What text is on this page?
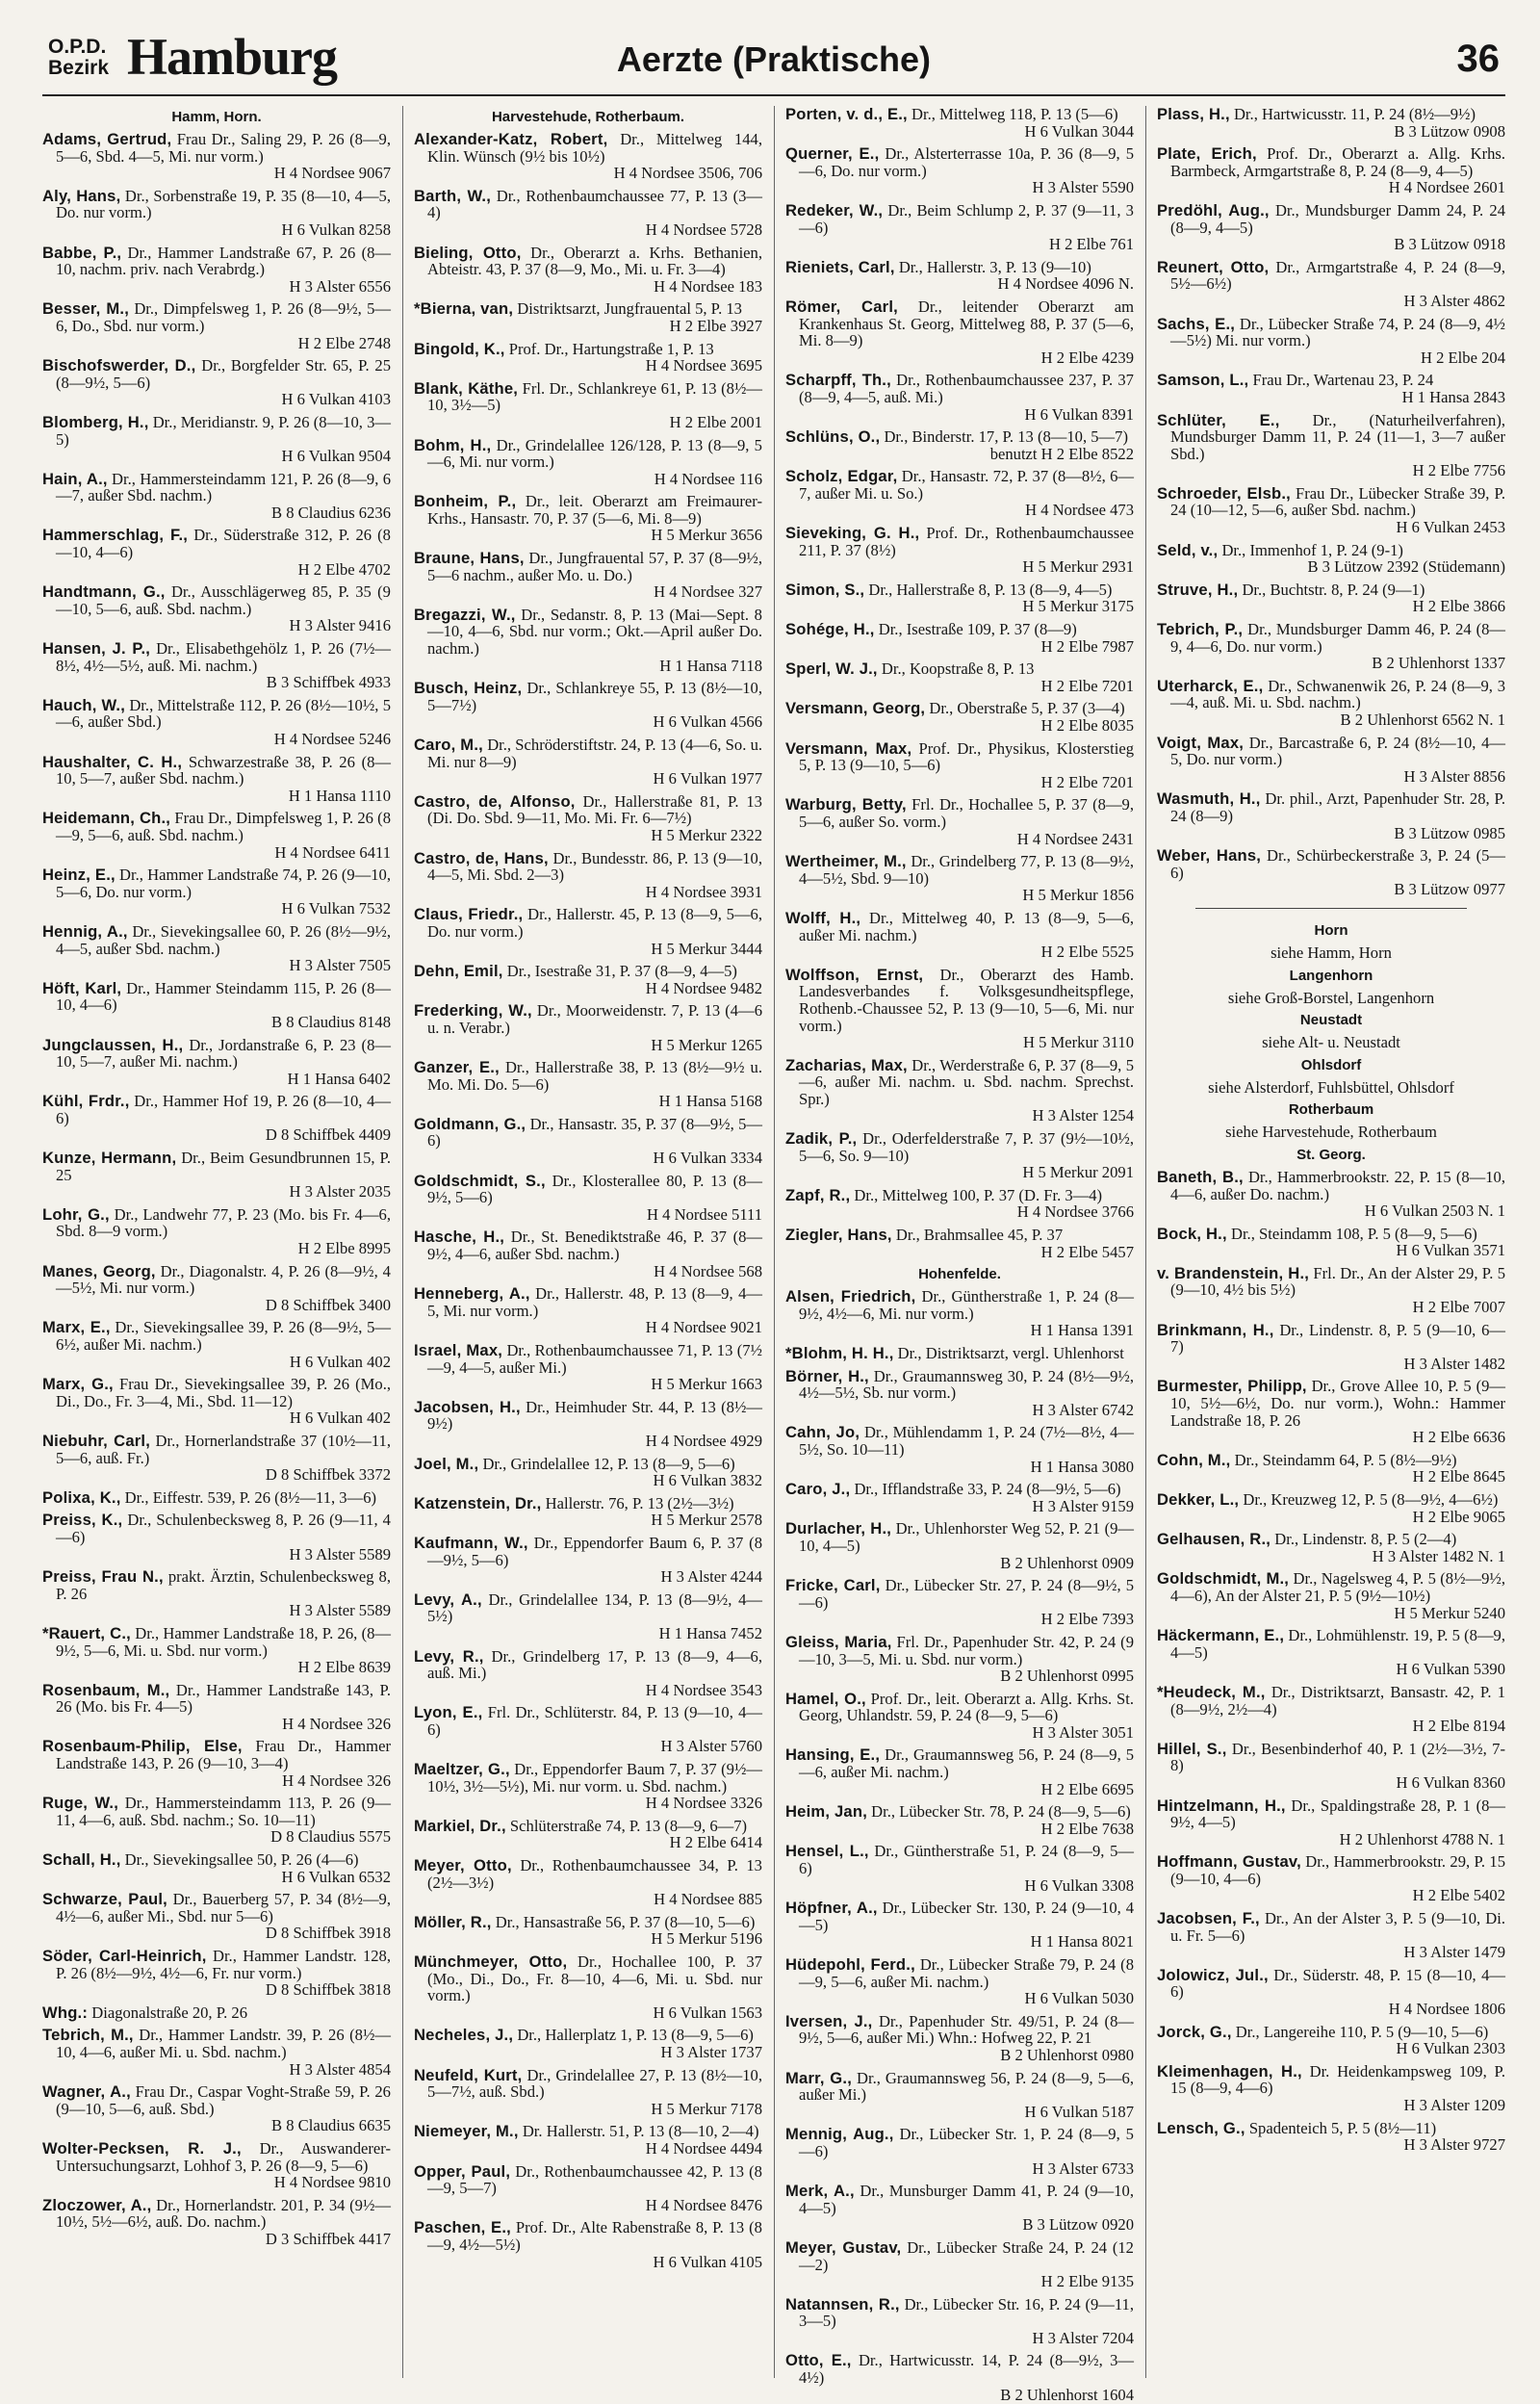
O.P.D. Bezirk Hamburg	Aerzte (Praktische)	36
Hamm, Horn.
Adams, Gertrud, Frau Dr., Saling 29, P. 26 (8—9, 5—6, Sbd. 4—5, Mi. nur vorm.)
H 4 Nordsee 9067
Aly, Hans, Dr., Sorbenstraße 19, P. 35 (8—10, 4—5, Do. nur vorm.)
H 6 Vulkan 8258
Babbe, P., Dr., Hammer Landstraße 67, P. 26 (8—10, nachm. priv. nach Verabrdg.)
H 3 Alster 6556
Besser, M., Dr., Dimpfelsweg 1, P. 26 (8—9½, 5—6, Do., Sbd. nur vorm.)
H 2 Elbe 2748
Bischofswerder, D., Dr., Borgfelder Str. 65, P. 25 (8—9½, 5—6)
H 6 Vulkan 4103
Blomberg, H., Dr., Meridianstr. 9, P. 26 (8—10, 3—5)
H 6 Vulkan 9504
Hain, A., Dr., Hammersteindamm 121, P. 26 (8—9, 6—7, außer Sbd. nachm.)
B 8 Claudius 6236
Hammerschlag, F., Dr., Süderstraße 312, P. 26 (8—10, 4—6)
H 2 Elbe 4702
Handtmann, G., Dr., Ausschlägerweg 85, P. 35 (9—10, 5—6, auß. Sbd. nachm.)
H 3 Alster 9416
Hansen, J. P., Dr., Elisabethgehölz 1, P. 26 (7½—8½, 4½—5½, auß. Mi. nachm.)
B 3 Schiffbek 4933
Hauch, W., Dr., Mittelstraße 112, P. 26 (8½—10½, 5—6, außer Sbd.)
H 4 Nordsee 5246
Haushalter, C. H., Schwarzestraße 38, P. 26 (8—10, 5—7, außer Sbd. nachm.)
H 1 Hansa 1110
Heidemann, Ch., Frau Dr., Dimpfelsweg 1, P. 26 (8—9, 5—6, auß. Sbd. nachm.)
H 4 Nordsee 6411
Heinz, E., Dr., Hammer Landstraße 74, P. 26 (9—10, 5—6, Do. nur vorm.)
H 6 Vulkan 7532
Hennig, A., Dr., Sievekingsallee 60, P. 26 (8½—9½, 4—5, außer Sbd. nachm.)
H 3 Alster 7505
Höft, Karl, Dr., Hammer Steindamm 115, P. 26 (8—10, 4—6)
B 8 Claudius 8148
Jungclaussen, H., Dr., Jordanstraße 6, P. 23 (8—10, 5—7, außer Mi. nachm.)
H 1 Hansa 6402
Kühl, Frdr., Dr., Hammer Hof 19, P. 26 (8—10, 4—6)
D 8 Schiffbek 4409
Kunze, Hermann, Dr., Beim Gesundbrunnen 15, P. 25
H 3 Alster 2035
Lohr, G., Dr., Landwehr 77, P. 23 (Mo. bis Fr. 4—6, Sbd. 8—9 vorm.)
H 2 Elbe 8995
Manes, Georg, Dr., Diagonalstr. 4, P. 26 (8—9½, 4—5½, Mi. nur vorm.)
D 8 Schiffbek 3400
Marx, E., Dr., Sievekingsallee 39, P. 26 (8—9½, 5—6½, außer Mi. nachm.)
H 6 Vulkan 402
Marx, G., Frau Dr., Sievekingsallee 39, P. 26 (Mo., Di., Do., Fr. 3—4, Mi., Sbd. 11—12)
H 6 Vulkan 402
Niebuhr, Carl, Dr., Hornerlandstraße 37 (10½—11, 5—6, auß. Fr.)
D 8 Schiffbek 3372
Polixa, K., Dr., Eiffestr. 539, P. 26 (8½—11, 3—6)
Preiss, K., Dr., Schulenbecksweg 8, P. 26 (9—11, 4—6)
H 3 Alster 5589
Preiss, Frau N., prakt. Ärztin, Schulenbecksweg 8, P. 26
H 3 Alster 5589
*Rauert, C., Dr., Hammer Landstraße 18, P. 26, (8—9½, 5—6, Mi. u. Sbd. nur vorm.)
H 2 Elbe 8639
Rosenbaum, M., Dr., Hammer Landstraße 143, P. 26 (Mo. bis Fr. 4—5)
H 4 Nordsee 326
Rosenbaum-Philip, Else, Frau Dr., Hammer Landstraße 143, P. 26 (9—10, 3—4)
H 4 Nordsee 326
Ruge, W., Dr., Hammersteindamm 113, P. 26 (9—11, 4—6, auß. Sbd. nachm.; So. 10—11)
D 8 Claudius 5575
Schall, H., Dr., Sievekingsallee 50, P. 26 (4—6)
H 6 Vulkan 6532
Schwarze, Paul, Dr., Bauerberg 57, P. 34 (8½—9, 4½—6, außer Mi., Sbd. nur 5—6)
D 8 Schiffbek 3918
Söder, Carl-Heinrich, Dr., Hammer Landstr. 128, P. 26 (8½—9½, 4½—6, Fr. nur vorm.)
D 8 Schiffbek 3818
Whg.: Diagonalstraße 20, P. 26
Tebrich, M., Dr., Hammer Landstr. 39, P. 26 (8½—10, 4—6, außer Mi. u. Sbd. nachm.)
H 3 Alster 4854
Wagner, A., Frau Dr., Caspar Voght-Straße 59, P. 26 (9—10, 5—6, auß. Sbd.)
B 8 Claudius 6635
Wolter-Pecksen, R. J., Dr., Auswanderer-Untersuchungsarzt, Lohhof 3, P. 26 (8—9, 5—6)
H 4 Nordsee 9810
Zloczower, A., Dr., Hornerlandstr. 201, P. 34 (9½—10½, 5½—6½, auß. Do. nachm.)
D 3 Schiffbek 4417
Harvestehude, Rotherbaum.
Alexander-Katz, Robert, Dr., Mittelweg 144, Klin. Wünsch (9½ bis 10½)
H 4 Nordsee 3506, 706
Barth, W., Dr., Rothenbaumchaussee 77, P. 13 (3—4)
H 4 Nordsee 5728
Bieling, Otto, Dr., Oberarzt a. Krhs. Bethanien, Abteistr. 43, P. 37 (8—9, Mo., Mi. u. Fr. 3—4)
H 4 Nordsee 183
*Bierna, van, Distriktsarzt, Jungfrauental 5, P. 13
H 2 Elbe 3927
Bingold, K., Prof. Dr., Hartungstraße 1, P. 13
H 4 Nordsee 3695
Blank, Käthe, Frl. Dr., Schlankreye 61, P. 13 (8½—10, 3½—5)
H 2 Elbe 2001
Bohm, H., Dr., Grindelallee 126/128, P. 13 (8—9, 5—6, Mi. nur vorm.)
H 4 Nordsee 116
Bonheim, P., Dr., leit. Oberarzt am Freimaurer-Krhs., Hansastr. 70, P. 37 (5—6, Mi. 8—9)
H 5 Merkur 3656
Braune, Hans, Dr., Jungfrauental 57, P. 37 (8—9½, 5—6 nachm., außer Mo. u. Do.)
H 4 Nordsee 327
Bregazzi, W., Dr., Sedanstr. 8, P. 13 (Mai—Sept. 8—10, 4—6, Sbd. nur vorm.; Okt.—April außer Do. nachm.)
H 1 Hansa 7118
Busch, Heinz, Dr., Schlankreye 55, P. 13 (8½—10, 5—7½)
H 6 Vulkan 4566
Caro, M., Dr., Schröderstiftstr. 24, P. 13 (4—6, So. u. Mi. nur 8—9)
H 6 Vulkan 1977
Castro, de, Alfonso, Dr., Hallerstraße 81, P. 13 (Di. Do. Sbd. 9—11, Mo. Mi. Fr. 6—7½)
H 5 Merkur 2322
Castro, de, Hans, Dr., Bundesstr. 86, P. 13 (9—10, 4—5, Mi. Sbd. 2—3)
H 4 Nordsee 3931
Claus, Friedr., Dr., Hallerstr. 45, P. 13 (8—9, 5—6, Do. nur vorm.)
H 5 Merkur 3444
Dehn, Emil, Dr., Isestraße 31, P. 37 (8—9, 4—5)
H 4 Nordsee 9482
Frederking, W., Dr., Moorweidenstr. 7, P. 13 (4—6 u. n. Verabr.)
H 5 Merkur 1265
Ganzer, E., Dr., Hallerstraße 38, P. 13 (8½—9½ u. Mo. Mi. Do. 5—6)
H 1 Hansa 5168
Goldmann, G., Dr., Hansastr. 35, P. 37 (8—9½, 5—6)
H 6 Vulkan 3334
Goldschmidt, S., Dr., Klosterallee 80, P. 13 (8—9½, 5—6)
H 4 Nordsee 5111
Hasche, H., Dr., St. Benediktstraße 46, P. 37 (8—9½, 4—6, außer Sbd. nachm.)
H 4 Nordsee 568
Henneberg, A., Dr., Hallerstr. 48, P. 13 (8—9, 4—5, Mi. nur vorm.)
H 4 Nordsee 9021
Israel, Max, Dr., Rothenbaumchaussee 71, P. 13 (7½—9, 4—5, außer Mi.)
H 5 Merkur 1663
Jacobsen, H., Dr., Heimhuder Str. 44, P. 13 (8½—9½)
H 4 Nordsee 4929
Joel, M., Dr., Grindelallee 12, P. 13 (8—9, 5—6)
H 6 Vulkan 3832
Katzenstein, Dr., Hallerstr. 76, P. 13 (2½—3½)
H 5 Merkur 2578
Kaufmann, W., Dr., Eppendorfer Baum 6, P. 37 (8—9½, 5—6)
H 3 Alster 4244
Levy, A., Dr., Grindelallee 134, P. 13 (8—9½, 4—5½)
H 1 Hansa 7452
Levy, R., Dr., Grindelberg 17, P. 13 (8—9, 4—6, auß. Mi.)
H 4 Nordsee 3543
Lyon, E., Frl. Dr., Schlüterstr. 84, P. 13 (9—10, 4—6)
H 3 Alster 5760
Maeltzer, G., Dr., Eppendorfer Baum 7, P. 37 (9½—10½, 3½—5½), Mi. nur vorm. u. Sbd. nachm.)
H 4 Nordsee 3326
Markiel, Dr., Schlüterstraße 74, P. 13 (8—9, 6—7)
H 2 Elbe 6414
Meyer, Otto, Dr., Rothenbaumchaussee 34, P. 13 (2½—3½)
H 4 Nordsee 885
Möller, R., Dr., Hansastraße 56, P. 37 (8—10, 5—6)
H 5 Merkur 5196
Münchmeyer, Otto, Dr., Hochallee 100, P. 37 (Mo., Di., Do., Fr. 8—10, 4—6, Mi. u. Sbd. nur vorm.)
H 6 Vulkan 1563
Necheles, J., Dr., Hallerplatz 1, P. 13 (8—9, 5—6)
H 3 Alster 1737
Neufeld, Kurt, Dr., Grindelallee 27, P. 13 (8½—10, 5—7½, auß. Sbd.)
H 5 Merkur 7178
Niemeyer, M., Dr. Hallerstr. 51, P. 13 (8—10, 2—4)
H 4 Nordsee 4494
Opper, Paul, Dr., Rothenbaumchaussee 42, P. 13 (8—9, 5—7)
H 4 Nordsee 8476
Paschen, E., Prof. Dr., Alte Rabenstraße 8, P. 13 (8—9, 4½—5½)
H 6 Vulkan 4105
Porten, v. d., E., Dr., Mittelweg 118, P. 13 (5—6)
H 6 Vulkan 3044
Querner, E., Dr., Alsterterrasse 10a, P. 36 (8—9, 5—6, Do. nur vorm.)
H 3 Alster 5590
Redeker, W., Dr., Beim Schlump 2, P. 37 (9—11, 3—6)
H 2 Elbe 761
Rieniets, Carl, Dr., Hallerstr. 3, P. 13 (9—10)
H 4 Nordsee 4096 N.
Römer, Carl, Dr., leitender Oberarzt am Krankenhaus St. Georg, Mittelweg 88, P. 37 (5—6, Mi. 8—9)
H 2 Elbe 4239
Scharpff, Th., Dr., Rothenbaumchaussee 237, P. 37 (8—9, 4—5, auß. Mi.)
H 6 Vulkan 8391
Schlüns, O., Dr., Binderstr. 17, P. 13 (8—10, 5—7)
benutzt H 2 Elbe 8522
Scholz, Edgar, Dr., Hansastr. 72, P. 37 (8—8½, 6—7, außer Mi. u. So.)
H 4 Nordsee 473
Sieveking, G. H., Prof. Dr., Rothenbaumchaussee 211, P. 37 (8½)
H 5 Merkur 2931
Simon, S., Dr., Hallerstraße 8, P. 13 (8—9, 4—5)
H 5 Merkur 3175
Sohége, H., Dr., Isestraße 109, P. 37 (8—9)
H 2 Elbe 7987
Sperl, W. J., Dr., Koopstraße 8, P. 13
H 2 Elbe 7201
Versmann, Georg, Dr., Oberstraße 5, P. 37 (3—4)
H 2 Elbe 8035
Versmann, Max, Prof. Dr., Physikus, Klosterstieg 5, P. 13 (9—10, 5—6)
H 2 Elbe 7201
Warburg, Betty, Frl. Dr., Hochallee 5, P. 37 (8—9, 5—6, außer So. vorm.)
H 4 Nordsee 2431
Wertheimer, M., Dr., Grindelberg 77, P. 13 (8—9½, 4—5½, Sbd. 9—10)
H 5 Merkur 1856
Wolff, H., Dr., Mittelweg 40, P. 13 (8—9, 5—6, außer Mi. nachm.)
H 2 Elbe 5525
Wolffson, Ernst, Dr., Oberarzt des Hamb. Landesverbandes f. Volksgesundheitspflege, Rothenb.-Chaussee 52, P. 13 (9—10, 5—6, Mi. nur vorm.)
H 5 Merkur 3110
Zacharias, Max, Dr., Werderstraße 6, P. 37 (8—9, 5—6, außer Mi. nachm. u. Sbd. nachm. Sprechst. Spr.)
H 3 Alster 1254
Zadik, P., Dr., Oderfelderstraße 7, P. 37 (9½—10½, 5—6, So. 9—10)
H 5 Merkur 2091
Zapf, R., Dr., Mittelweg 100, P. 37 (D. Fr. 3—4)
H 4 Nordsee 3766
Ziegler, Hans, Dr., Brahmsallee 45, P. 37
H 2 Elbe 5457
Hohenfelde.
Alsen, Friedrich, Dr., Güntherstraße 1, P. 24 (8—9½, 4½—6, Mi. nur vorm.)
H 1 Hansa 1391
*Blohm, H. H., Dr., Distriktsarzt, vergl. Uhlenhorst
Börner, H., Dr., Graumannsweg 30, P. 24 (8½—9½, 4½—5½, Sb. nur vorm.)
H 3 Alster 6742
Cahn, Jo, Dr., Mühlendamm 1, P. 24 (7½—8½, 4—5½, So. 10—11)
H 1 Hansa 3080
Caro, J., Dr., Ifflandstraße 33, P. 24 (8—9½, 5—6)
H 3 Alster 9159
Durlacher, H., Dr., Uhlenhorster Weg 52, P. 21 (9—10, 4—5)
B 2 Uhlenhorst 0909
Fricke, Carl, Dr., Lübecker Str. 27, P. 24 (8—9½, 5—6)
H 2 Elbe 7393
Gleiss, Maria, Frl. Dr., Papenhuder Str. 42, P. 24 (9—10, 3—5, Mi. u. Sbd. nur vorm.)
B 2 Uhlenhorst 0995
Hamel, O., Prof. Dr., leit. Oberarzt a. Allg. Krhs. St. Georg, Uhlandstr. 59, P. 24 (8—9, 5—6)
H 3 Alster 3051
Hansing, E., Dr., Graumannsweg 56, P. 24 (8—9, 5—6, außer Mi. nachm.)
H 2 Elbe 6695
Heim, Jan, Dr., Lübecker Str. 78, P. 24 (8—9, 5—6)
H 2 Elbe 7638
Hensel, L., Dr., Güntherstraße 51, P. 24 (8—9, 5—6)
H 6 Vulkan 3308
Höpfner, A., Dr., Lübecker Str. 130, P. 24 (9—10, 4—5)
H 1 Hansa 8021
Hüdepohl, Ferd., Dr., Lübecker Straße 79, P. 24 (8—9, 5—6, außer Mi. nachm.)
H 6 Vulkan 5030
Iversen, J., Dr., Papenhuder Str. 49/51, P. 24 (8—9½, 5—6, außer Mi.) Whn.: Hofweg 22, P. 21
B 2 Uhlenhorst 0980
Marr, G., Dr., Graumannsweg 56, P. 24 (8—9, 5—6, außer Mi.)
H 6 Vulkan 5187
Mennig, Aug., Dr., Lübecker Str. 1, P. 24 (8—9, 5—6)
H 3 Alster 6733
Merk, A., Dr., Munsburger Damm 41, P. 24 (9—10, 4—5)
B 3 Lützow 0920
Meyer, Gustav, Dr., Lübecker Straße 24, P. 24 (12—2)
H 2 Elbe 9135
Natannsen, R., Dr., Lübecker Str. 16, P. 24 (9—11, 3—5)
H 3 Alster 7204
Otto, E., Dr., Hartwicusstr. 14, P. 24 (8—9½, 3—4½)
B 2 Uhlenhorst 1604
Plass, H., Dr., Hartwicusstr. 11, P. 24 (8½—9½)
B 3 Lützow 0908
Plate, Erich, Prof. Dr., Oberarzt a. Allg. Krhs. Barmbeck, Armgartstraße 8, P. 24 (8—9, 4—5)
H 4 Nordsee 2601
Predöhl, Aug., Dr., Mundsburger Damm 24, P. 24 (8—9, 4—5)
B 3 Lützow 0918
Reunert, Otto, Dr., Armgartstraße 4, P. 24 (8—9, 5½—6½)
H 3 Alster 4862
Sachs, E., Dr., Lübecker Straße 74, P. 24 (8—9, 4½—5½) Mi. nur vorm.)
H 2 Elbe 204
Samson, L., Frau Dr., Wartenau 23, P. 24
H 1 Hansa 2843
Schlüter, E., Dr., (Naturheilverfahren), Mundsburger Damm 11, P. 24 (11—1, 3—7 außer Sbd.)
H 2 Elbe 7756
Schroeder, Elsb., Frau Dr., Lübecker Straße 39, P. 24 (10—12, 5—6, außer Sbd. nachm.)
H 6 Vulkan 2453
Seld, v., Dr., Immenhof 1, P. 24 (9-1)
B 3 Lützow 2392 (Stüdemann)
Struve, H., Dr., Buchtstr. 8, P. 24 (9—1)
H 2 Elbe 3866
Tebrich, P., Dr., Mundsburger Damm 46, P. 24 (8—9, 4—6, Do. nur vorm.)
B 2 Uhlenhorst 1337
Uterharck, E., Dr., Schwanenwik 26, P. 24 (8—9, 3—4, auß. Mi. u. Sbd. nachm.)
B 2 Uhlenhorst 6562 N. 1
Voigt, Max, Dr., Barcastraße 6, P. 24 (8½—10, 4—5, Do. nur vorm.)
H 3 Alster 8856
Wasmuth, H., Dr. phil., Arzt, Papenhuder Str. 28, P. 24 (8—9)
B 3 Lützow 0985
Weber, Hans, Dr., Schürbeckerstraße 3, P. 24 (5—6)
B 3 Lützow 0977
Horn
siehe Hamm, Horn
Langenhorn
siehe Groß-Borstel, Langenhorn
Neustadt
siehe Alt- u. Neustadt
Ohlsdorf
siehe Alsterdorf, Fuhlsbüttel, Ohlsdorf
Rotherbaum
siehe Harvestehude, Rotherbaum
St. Georg.
Baneth, B., Dr., Hammerbrookstr. 22, P. 15 (8—10, 4—6, außer Do. nachm.)
H 6 Vulkan 2503 N. 1
Bock, H., Dr., Steindamm 108, P. 5 (8—9, 5—6)
H 6 Vulkan 3571
v. Brandenstein, H., Frl. Dr., An der Alster 29, P. 5 (9—10, 4½ bis 5½)
H 2 Elbe 7007
Brinkmann, H., Dr., Lindenstr. 8, P. 5 (9—10, 6—7)
H 3 Alster 1482
Burmester, Philipp, Dr., Grove Allee 10, P. 5 (9—10, 5½—6½, Do. nur vorm.), Wohn.: Hammer Landstraße 18, P. 26
H 2 Elbe 6636
Cohn, M., Dr., Steindamm 64, P. 5 (8½—9½)
H 2 Elbe 8645
Dekker, L., Dr., Kreuzweg 12, P. 5 (8—9½, 4—6½)
H 2 Elbe 9065
Gelhausen, R., Dr., Lindenstr. 8, P. 5 (2—4)
H 3 Alster 1482 N. 1
Goldschmidt, M., Dr., Nagelsweg 4, P. 5 (8½—9½, 4—6), An der Alster 21, P. 5 (9½—10½)
H 5 Merkur 5240
Häckermann, E., Dr., Lohmühlenstr. 19, P. 5 (8—9, 4—5)
H 6 Vulkan 5390
*Heudeck, M., Dr., Distriktsarzt, Bansastr. 42, P. 1 (8—9½, 2½—4)
H 2 Elbe 8194
Hillel, S., Dr., Besenbinderhof 40, P. 1 (2½—3½, 7-8)
H 6 Vulkan 8360
Hintzelmann, H., Dr., Spaldingstraße 28, P. 1 (8—9½, 4—5)
H 2 Uhlenhorst 4788 N. 1
Hoffmann, Gustav, Dr., Hammerbrookstr. 29, P. 15 (9—10, 4—6)
H 2 Elbe 5402
Jacobsen, F., Dr., An der Alster 3, P. 5 (9—10, Di. u. Fr. 5—6)
H 3 Alster 1479
Jolowicz, Jul., Dr., Süderstr. 48, P. 15 (8—10, 4—6)
H 4 Nordsee 1806
Jorck, G., Dr., Langereihe 110, P. 5 (9—10, 5—6)
H 6 Vulkan 2303
Kleimenhagen, H., Dr. Heidenkampsweg 109, P. 15 (8—9, 4—6)
H 3 Alster 1209
Lensch, G., Spadenteich 5, P. 5 (8½—11)
H 3 Alster 9727
